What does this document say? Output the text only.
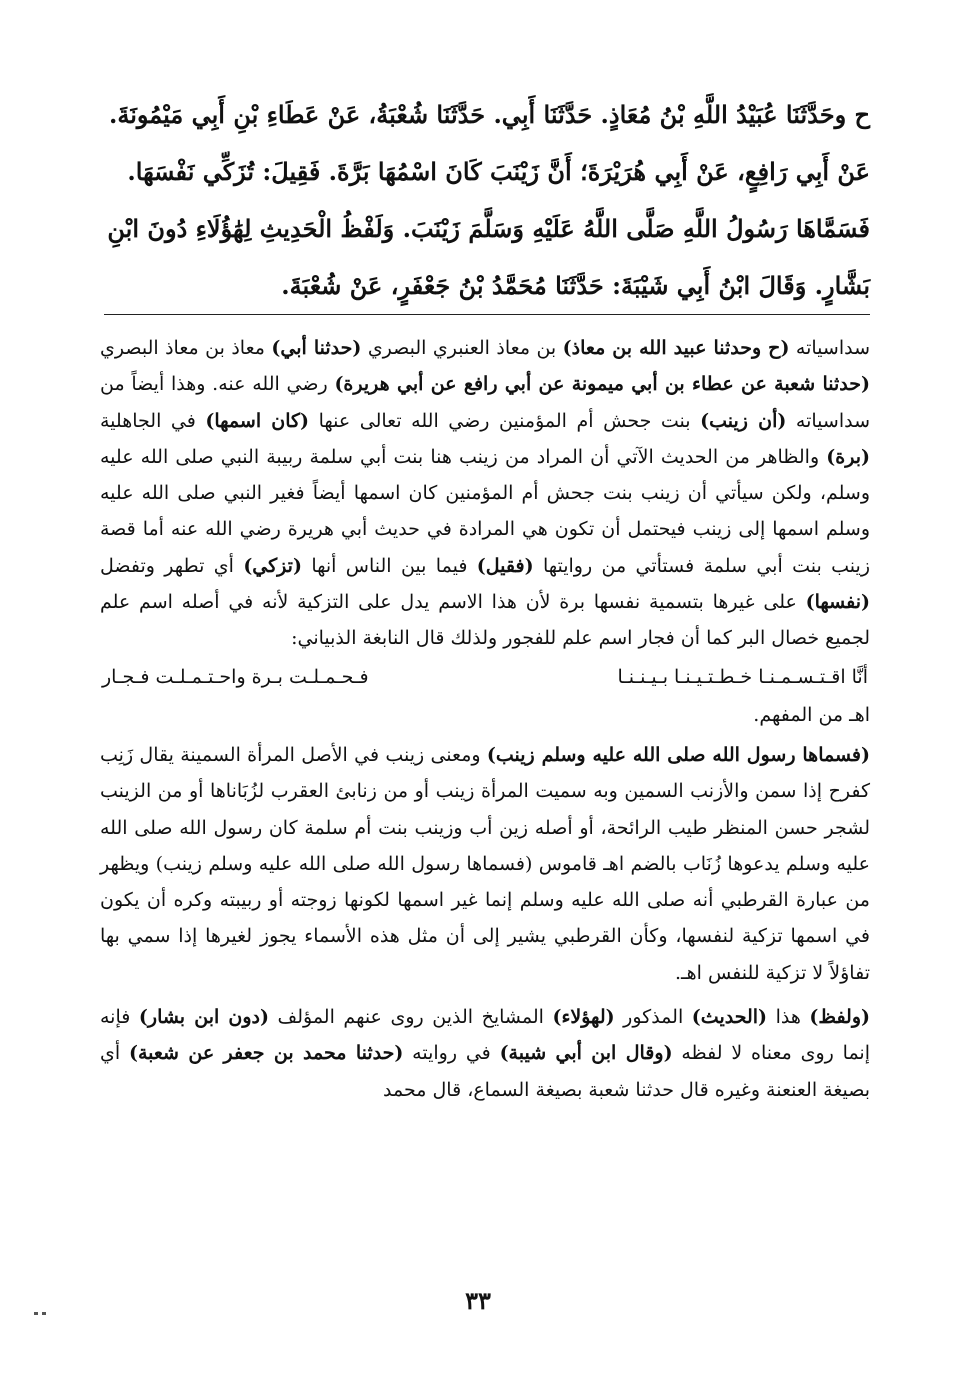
ح وحَدَّثَنَا عُبَيْدُ اللَّهِ بْنُ مُعَاذٍ. حَدَّثَنَا أَبِي. حَدَّثَنَا شُعْبَةُ، عَنْ عَطَاءِ بْنِ أَبِي مَيْمُونَةَ.
عَنْ أَبِي رَافِعٍ، عَنْ أَبِي هُرَيْرَةَ؛ أَنَّ زَيْنَبَ كَانَ اسْمُهَا بَرَّةَ. فَقِيلَ: تُزَكِّي نَفْسَهَا.
فَسَمَّاهَا رَسُولُ اللَّهِ صَلَّى اللَّهُ عَلَيْهِ وَسَلَّمَ زَيْنَبَ. وَلَفْظُ الْحَدِيثِ لِهَٰؤُلَاءِ دُونَ ابْنِ
بَشَّارٍ. وَقَالَ ابْنُ أَبِي شَيْبَةَ: حَدَّثَنَا مُحَمَّدُ بْنُ جَعْفَرٍ، عَنْ شُعْبَةَ.

سداسياته (ح وحدثنا عبيد الله بن معاذ) بن معاذ العنبري البصري (حدثنا أبي) معاذ بن معاذ البصري (حدثنا شعبة عن عطاء بن أبي ميمونة عن أبي رافع عن أبي هريرة) رضي الله عنه. وهذا أيضاً من سداسياته (أن زينب) بنت جحش أم المؤمنين رضي الله تعالى عنها (كان اسمها) في الجاهلية (برة) والظاهر من الحديث الآتي أن المراد من زينب هنا بنت أبي سلمة ربيبة النبي صلى الله عليه وسلم، ولكن سيأتي أن زينب بنت جحش أم المؤمنين كان اسمها أيضاً فغير النبي صلى الله عليه وسلم اسمها إلى زينب فيحتمل أن تكون هي المرادة في حديث أبي هريرة رضي الله عنه أما قصة زينب بنت أبي سلمة فستأتي من روايتها (فقيل) فيما بين الناس أنها (تزكي) أي تطهر وتفضل (نفسها) على غيرها بتسمية نفسها برة لأن هذا الاسم يدل على التزكية لأنه في أصله اسم علم لجميع خصال البر كما أن فجار اسم علم للفجور ولذلك قال النابغة الذبياني:

أنَّا اقـتـسـمـنـا خـطـتـيـنـا بـيـنـنـا
فـحـمـلـت بـرة واحـتـمـلـت فـجـار

اهـ من المفهم.

(فسماها رسول الله صلى الله عليه وسلم زينب) ومعنى زينب في الأصل المرأة السمينة يقال زَنِب كفرح إذا سمن والأزنب السمين وبه سميت المرأة زينب أو من زنابئ العقرب لزُبَاناها أو من الزينب لشجر حسن المنظر طيب الرائحة، أو أصله زين أب وزينب بنت أم سلمة كان رسول الله صلى الله عليه وسلم يدعوها زُنَاب بالضم اهـ قاموس (فسماها رسول الله صلى الله عليه وسلم زينب) ويظهر من عبارة القرطبي أنه صلى الله عليه وسلم إنما غير اسمها لكونها زوجته أو ربيبته وكره أن يكون في اسمها تزكية لنفسها، وكأن القرطبي يشير إلى أن مثل هذه الأسماء يجوز لغيرها إذا سمي بها تفاؤلاً لا تزكية للنفس اهـ.

(ولفظ) هذا (الحديث) المذكور (لهؤلاء) المشايخ الذين روى عنهم المؤلف (دون ابن بشار) فإنه إنما روى معناه لا لفظه (وقال ابن أبي شيبة) في روايته (حدثنا محمد بن جعفر عن شعبة) أي بصيغة العنعنة وغيره قال حدثنا شعبة بصيغة السماع، قال محمد

٣٣
